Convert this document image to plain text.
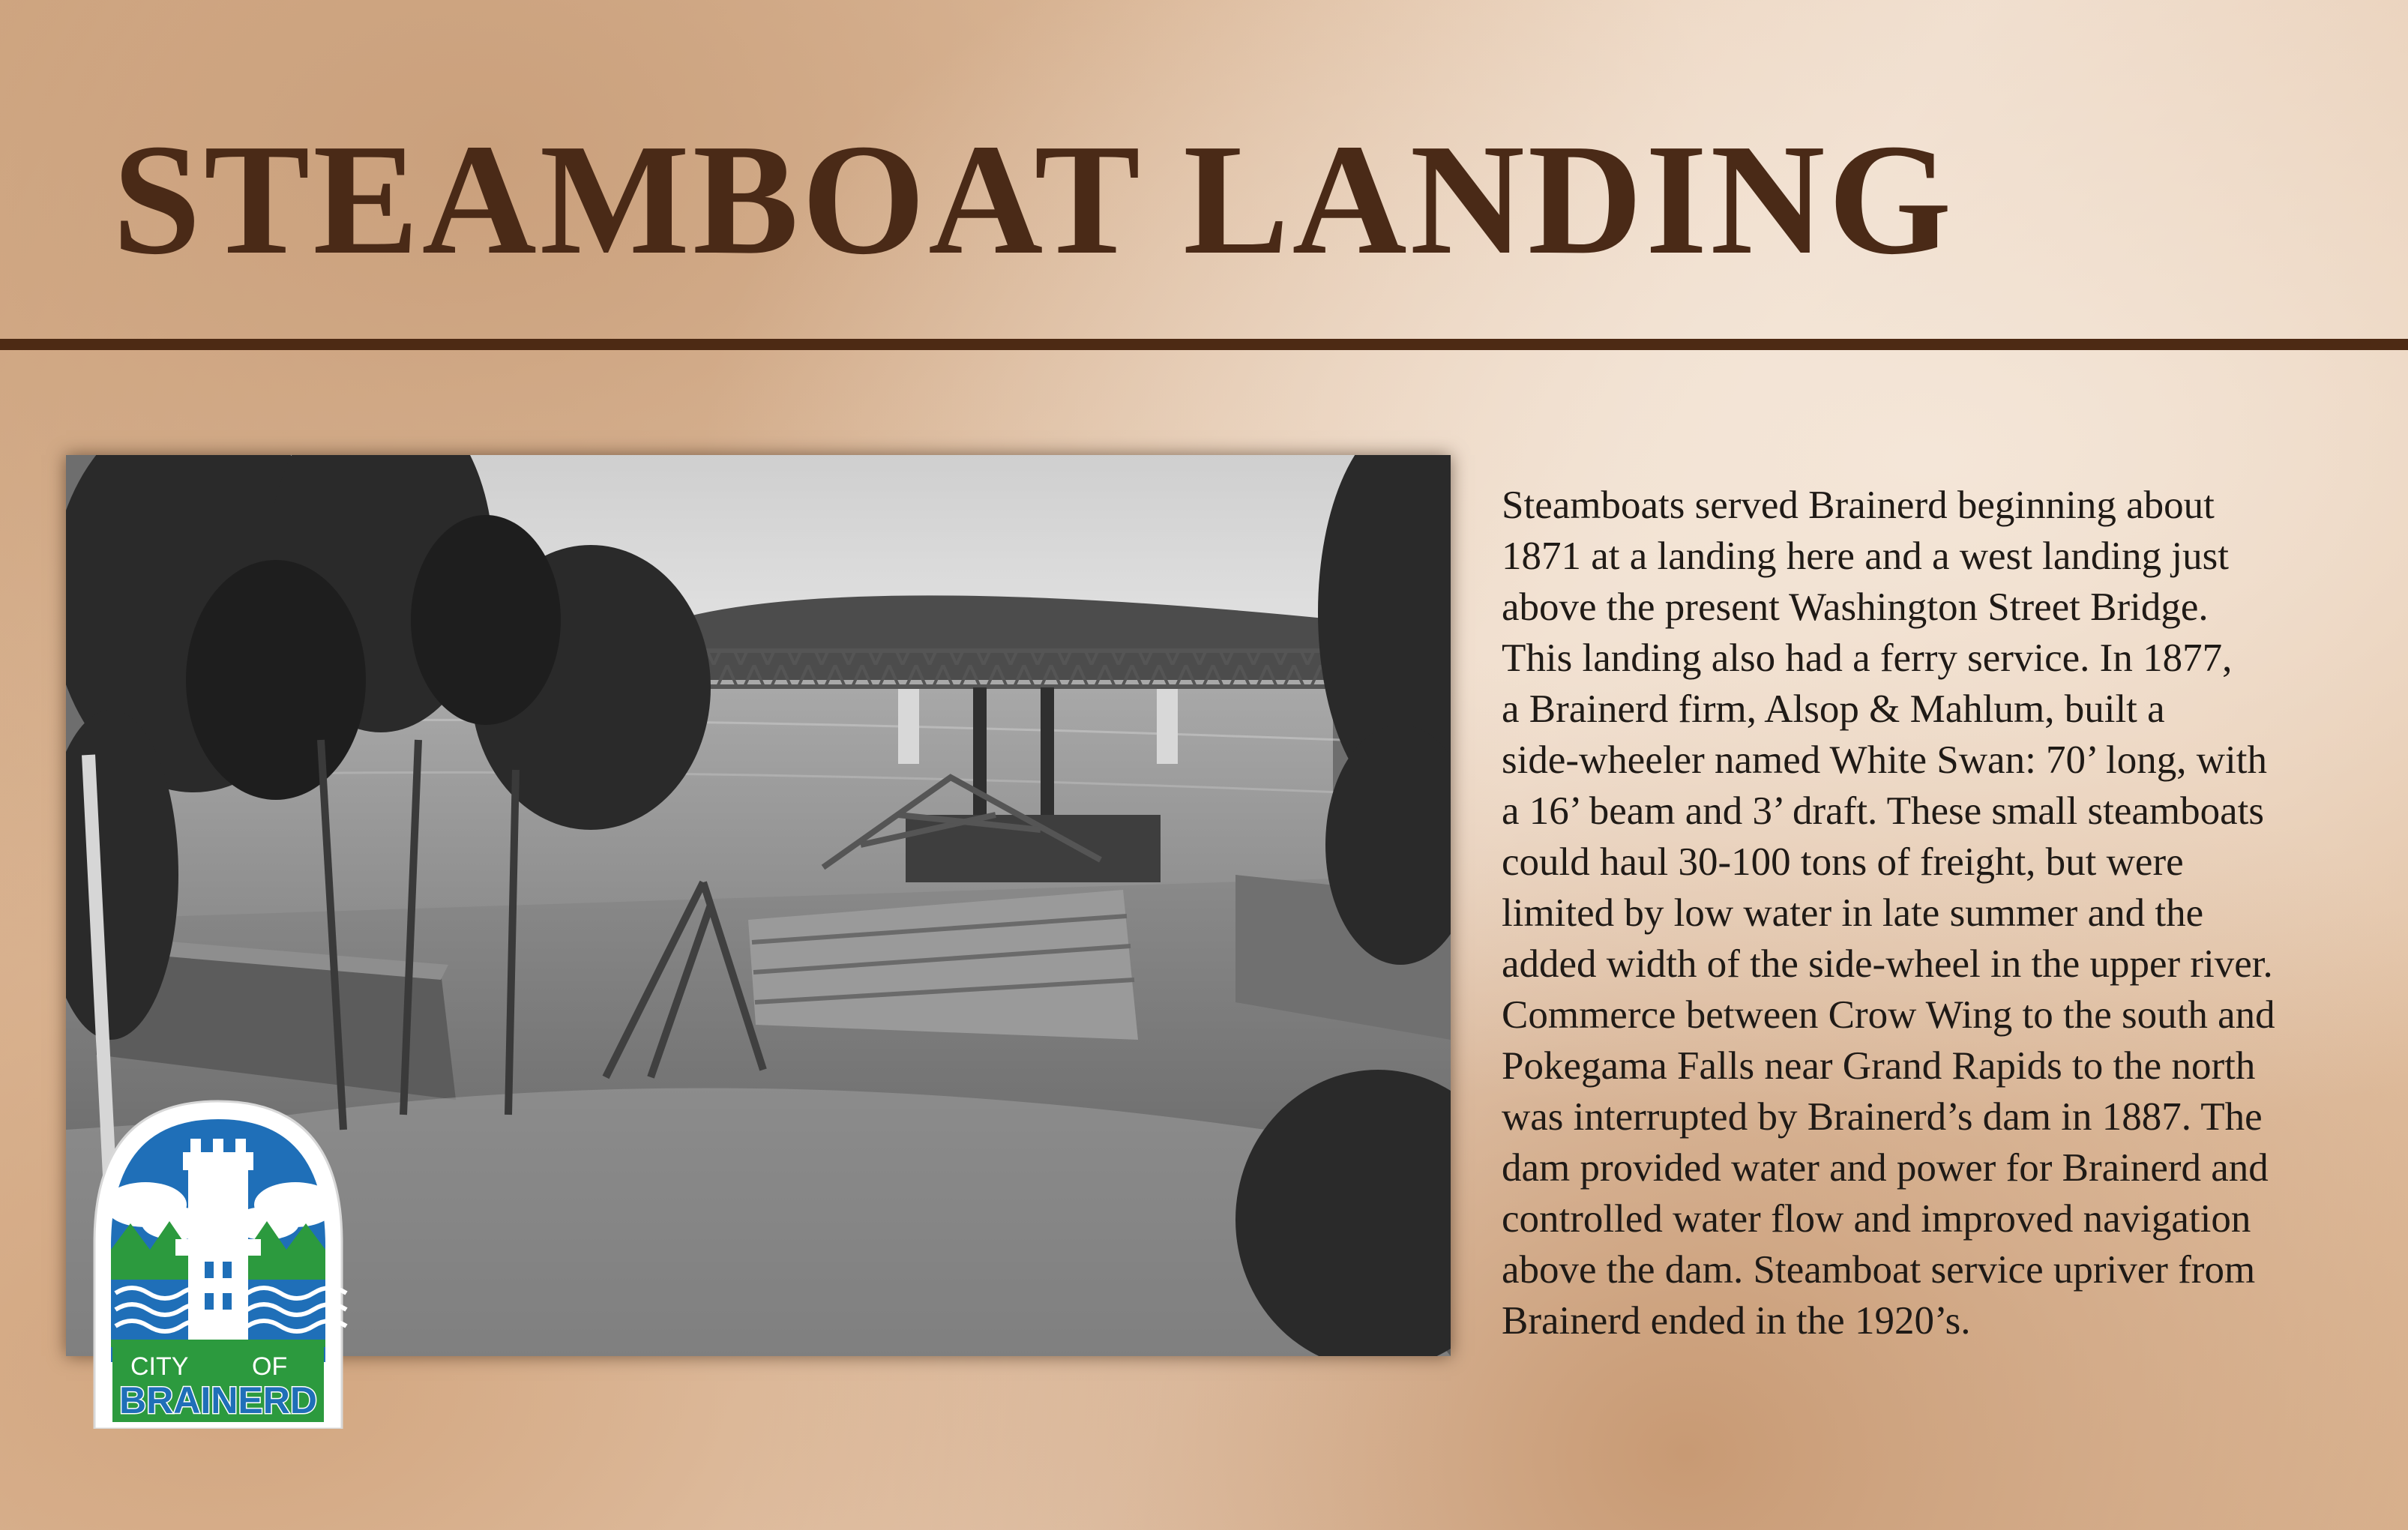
STEAMBOAT LANDING
CITY OF
BRAINERD
Steamboats served Brainerd beginning about
1871 at a landing here and a west landing just
above the present Washington Street Bridge.
This landing also had a ferry service. In 1877,
a Brainerd firm, Alsop & Mahlum, built a
side-wheeler named White Swan: 70’ long, with
a 16’ beam and 3’ draft. These small steamboats
could haul 30-100 tons of freight, but were
limited by low water in late summer and the
added width of the side-wheel in the upper river.
Commerce between Crow Wing to the south and
Pokegama Falls near Grand Rapids to the north
was interrupted by Brainerd’s dam in 1887. The
dam provided water and power for Brainerd and
controlled water flow and improved navigation
above the dam. Steamboat service upriver from
Brainerd ended in the 1920’s.
